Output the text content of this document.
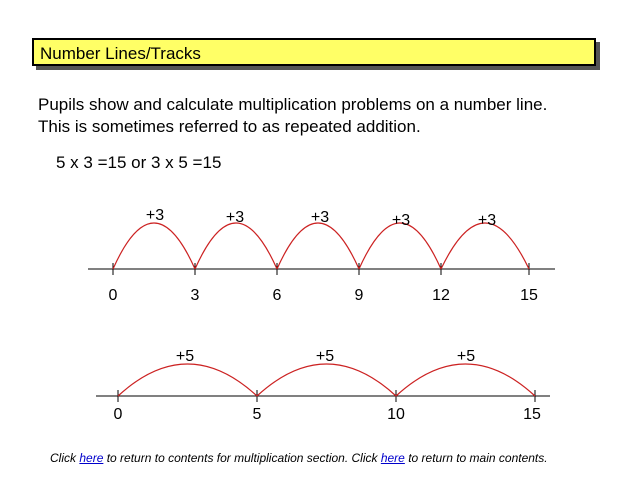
Number Lines/Tracks

Pupils show and calculate multiplication problems on a number line.
This is sometimes referred to as repeated addition.

5 x 3 =15 or 3 x 5 =15
0	3	6	9	12	15
+3	+3	+3	+3	+3
0	5	10	15
+5	+5	+5
Click here to return to contents for multiplication section. Click here to return to main contents.
